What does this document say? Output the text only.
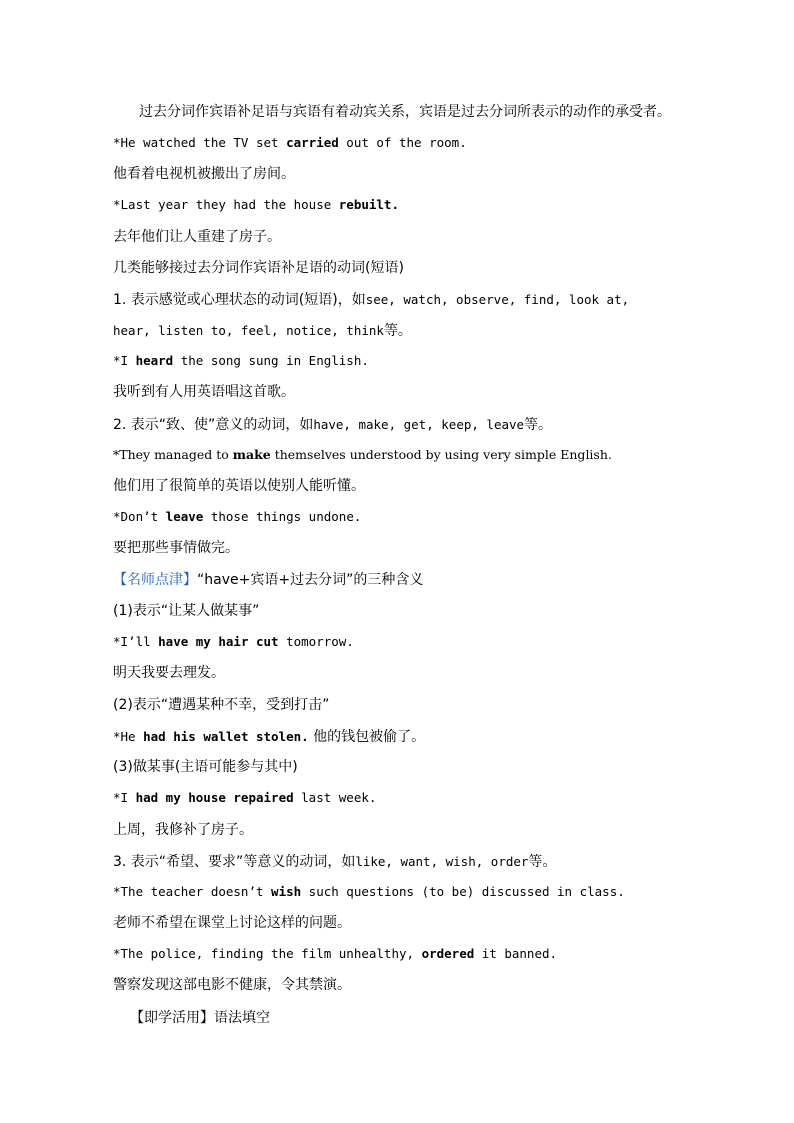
过去分词作宾语补足语与宾语有着动宾关系，宾语是过去分词所表示的动作的承受者。
*He watched the TV set carried out of the room.
他看着电视机被搬出了房间。
*Last year they had the house rebuilt.
去年他们让人重建了房子。
几类能够接过去分词作宾语补足语的动词(短语)
1. 表示感觉或心理状态的动词(短语)，如see, watch, observe, find, look at,
hear, listen to, feel, notice, think等。
*I heard the song sung in English.
我听到有人用英语唱这首歌。
2. 表示“致、使”意义的动词，如have, make, get, keep, leave等。
*They managed to make themselves understood by using very simple English.
他们用了很简单的英语以使别人能听懂。
*Don’t leave those things undone.
要把那些事情做完。
【名师点津】“have+宾语+过去分词”的三种含义
(1)表示“让某人做某事”
*I’ll have my hair cut tomorrow.
明天我要去理发。
(2)表示“遭遇某种不幸，受到打击”
*He had his wallet stolen. 他的钱包被偷了。
(3)做某事(主语可能参与其中)
*I had my house repaired last week.
上周，我修补了房子。
3. 表示“希望、要求”等意义的动词，如like, want, wish, order等。
*The teacher doesn’t wish such questions (to be) discussed in class.
老师不希望在课堂上讨论这样的问题。
*The police, finding the film unhealthy, ordered it banned.
警察发现这部电影不健康，令其禁演。
【即学活用】语法填空
